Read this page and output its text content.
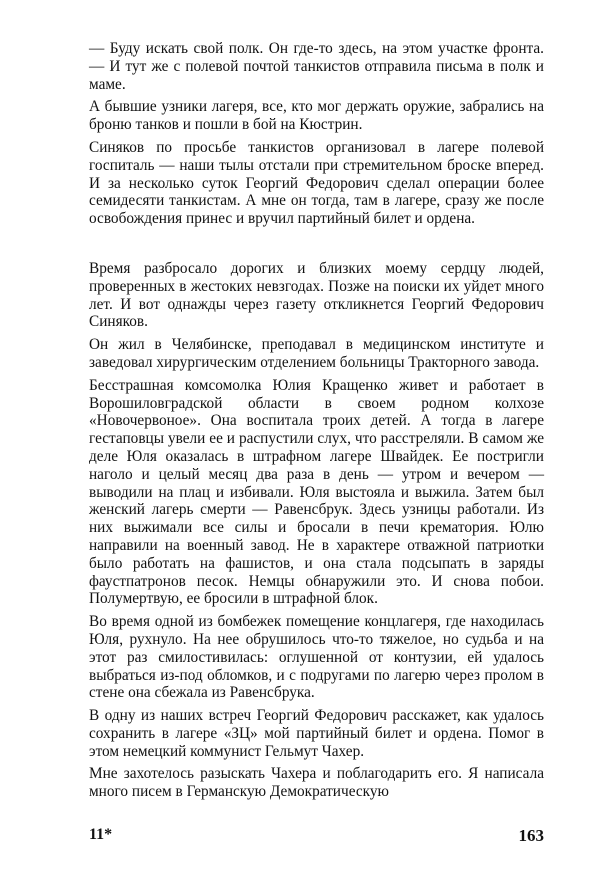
— Буду искать свой полк. Он где-то здесь, на этом участке фронта. — И тут же с полевой почтой танкистов отправила письма в полк и маме.

А бывшие узники лагеря, все, кто мог держать оружие, забрались на броню танков и пошли в бой на Кюстрин.

Синяков по просьбе танкистов организовал в лагере полевой госпиталь — наши тылы отстали при стремительном броске вперед. И за несколько суток Георгий Федорович сделал операции более семидесяти танкистам. А мне он тогда, там в лагере, сразу же после освобождения принес и вручил партийный билет и ордена.

Время разбросало дорогих и близких моему сердцу людей, проверенных в жестоких невзгодах. Позже на поиски их уйдет много лет. И вот однажды через газету откликнется Георгий Федорович Синяков.

Он жил в Челябинске, преподавал в медицинском институте и заведовал хирургическим отделением больницы Тракторного завода.

Бесстрашная комсомолка Юлия Кращенко живет и работает в Ворошиловградской области в своем родном колхозе «Новочервоное». Она воспитала троих детей. А тогда в лагере гестаповцы увели ее и распустили слух, что расстреляли. В самом же деле Юля оказалась в штрафном лагере Швайдек. Ее постригли наголо и целый месяц два раза в день — утром и вечером — выводили на плац и избивали. Юля выстояла и выжила. Затем был женский лагерь смерти — Равенсбрук. Здесь узницы работали. Из них выжимали все силы и бросали в печи крематория. Юлю направили на военный завод. Не в характере отважной патриотки было работать на фашистов, и она стала подсыпать в заряды фаустпатронов песок. Немцы обнаружили это. И снова побои. Полумертвую, ее бросили в штрафной блок.

Во время одной из бомбежек помещение концлагеря, где находилась Юля, рухнуло. На нее обрушилось что-то тяжелое, но судьба и на этот раз смилостивилась: оглушенной от контузии, ей удалось выбраться из-под обломков, и с подругами по лагерю через пролом в стене она сбежала из Равенсбрука.

В одну из наших встреч Георгий Федорович расскажет, как удалось сохранить в лагере «ЗЦ» мой партийный билет и ордена. Помог в этом немецкий коммунист Гельмут Чахер.

Мне захотелось разыскать Чахера и поблагодарить его. Я написала много писем в Германскую Демократическую

11*	163
